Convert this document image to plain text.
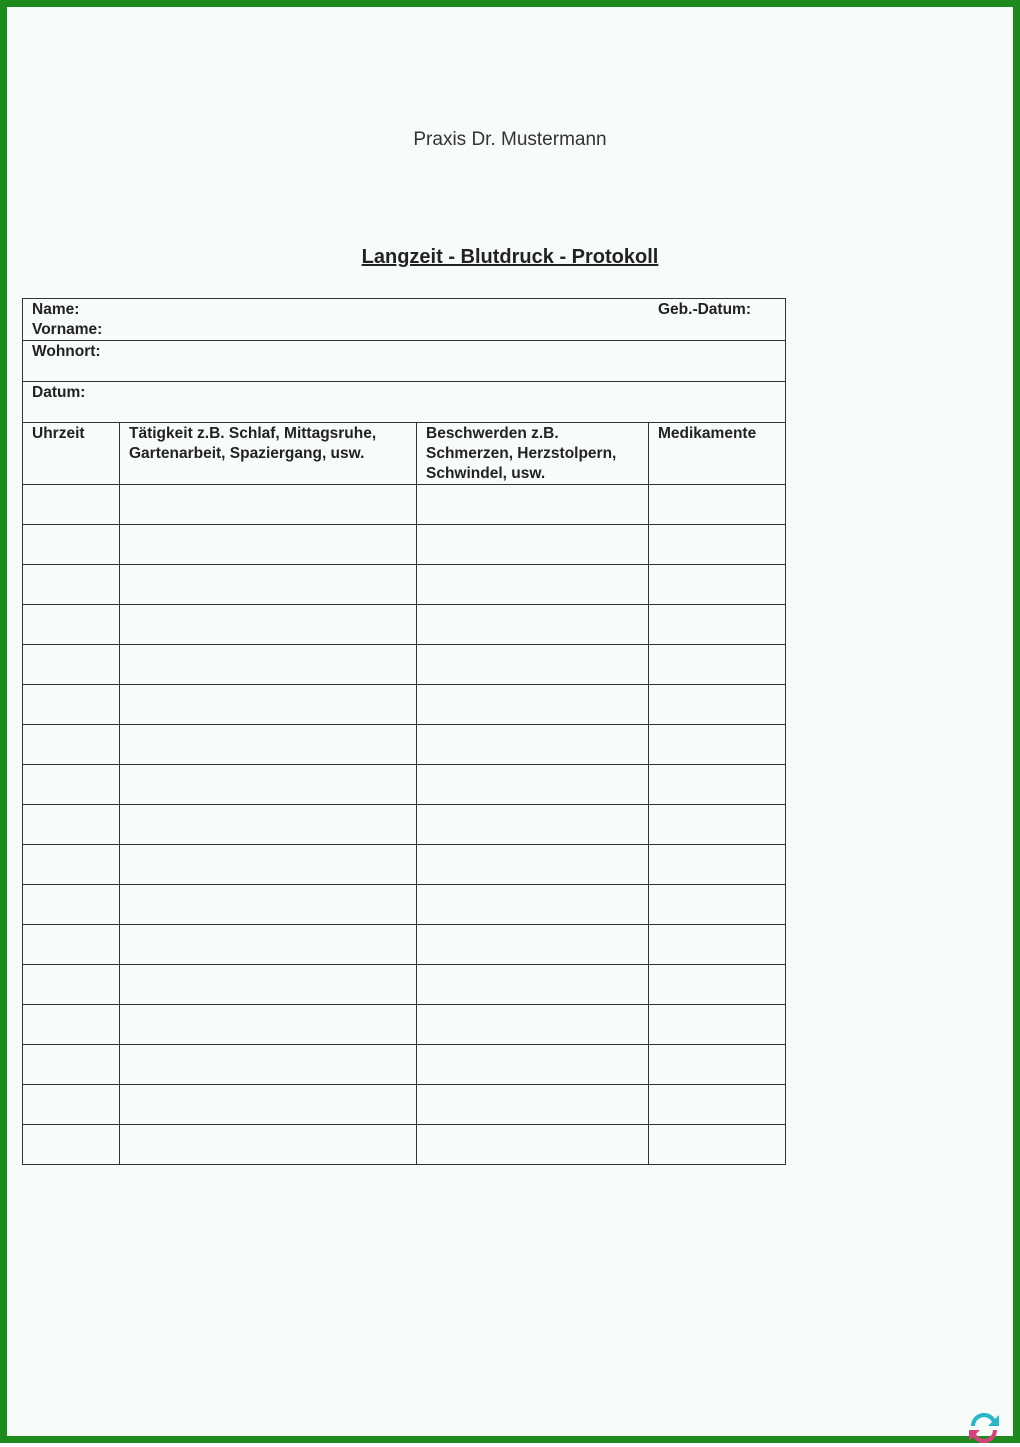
Praxis Dr. Mustermann
Langzeit - Blutdruck - Protokoll
Name:
Vorname:
Geb.-Datum:			

Wohnort:			

Datum:			

Uhrzeit	Tätigkeit z.B. Schlaf, Mittagsruhe, Gartenarbeit, Spaziergang, usw.	Beschwerden z.B. Schmerzen, Herzstolpern, Schwindel, usw.	Medikamente
